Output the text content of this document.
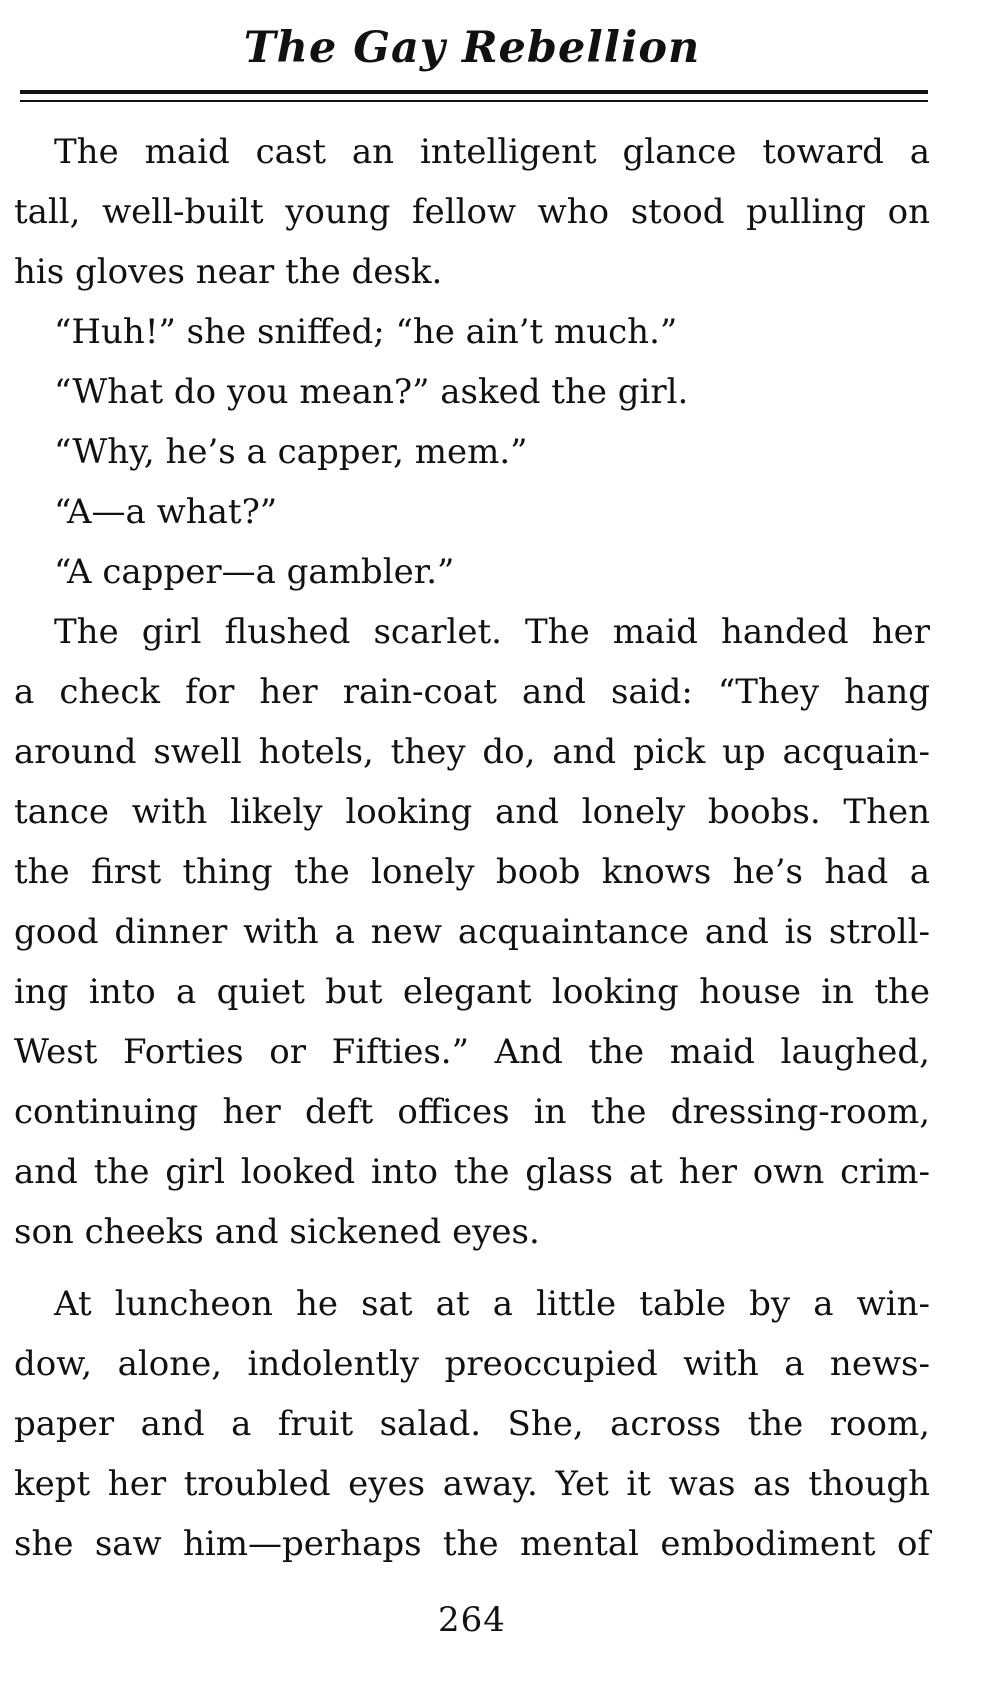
The Gay Rebellion
The maid cast an intelligent glance toward a
tall, well-built young fellow who stood pulling on
his gloves near the desk.
“Huh!” she sniffed; “he ain’t much.”
“What do you mean?” asked the girl.
“Why, he’s a capper, mem.”
“A—a what?”
“A capper—a gambler.”
The girl flushed scarlet. The maid handed her
a check for her rain-coat and said: “They hang
around swell hotels, they do, and pick up acquain-
tance with likely looking and lonely boobs. Then
the first thing the lonely boob knows he’s had a
good dinner with a new acquaintance and is stroll-
ing into a quiet but elegant looking house in the
West Forties or Fifties.” And the maid laughed,
continuing her deft offices in the dressing-room,
and the girl looked into the glass at her own crim-
son cheeks and sickened eyes.
At luncheon he sat at a little table by a win-
dow, alone, indolently preoccupied with a news-
paper and a fruit salad. She, across the room,
kept her troubled eyes away. Yet it was as though
she saw him—perhaps the mental embodiment of
264
